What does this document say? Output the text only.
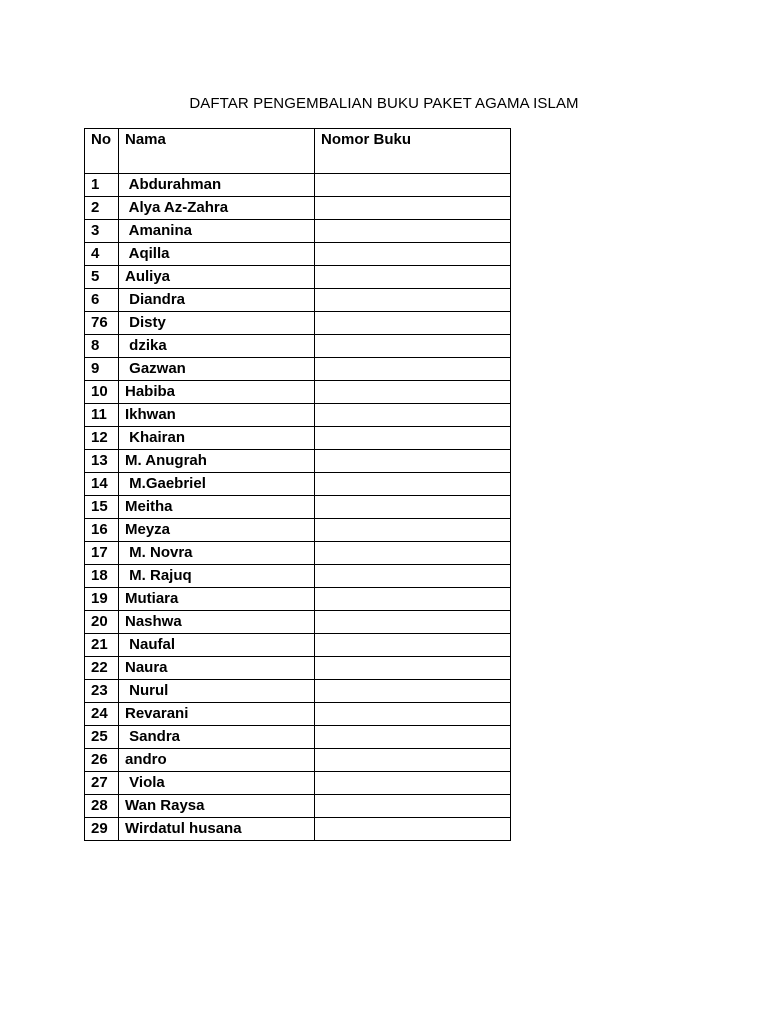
DAFTAR PENGEMBALIAN BUKU PAKET AGAMA ISLAM
No	Nama	Nomor Buku
1	Abdurahman	
2	Alya Az-Zahra	
3	Amanina	
4	Aqilla	
5	Auliya	
6	Diandra	
76	Disty	
8	dzika	
9	Gazwan	
10	Habiba	
11	Ikhwan	
12	Khairan	
13	M. Anugrah	
14	M.Gaebriel	
15	Meitha	
16	Meyza	
17	M. Novra	
18	M. Rajuq	
19	Mutiara	
20	Nashwa	
21	Naufal	
22	Naura	
23	Nurul	
24	Revarani	
25	Sandra	
26	andro	
27	Viola	
28	Wan Raysa	
29	Wirdatul husana	
